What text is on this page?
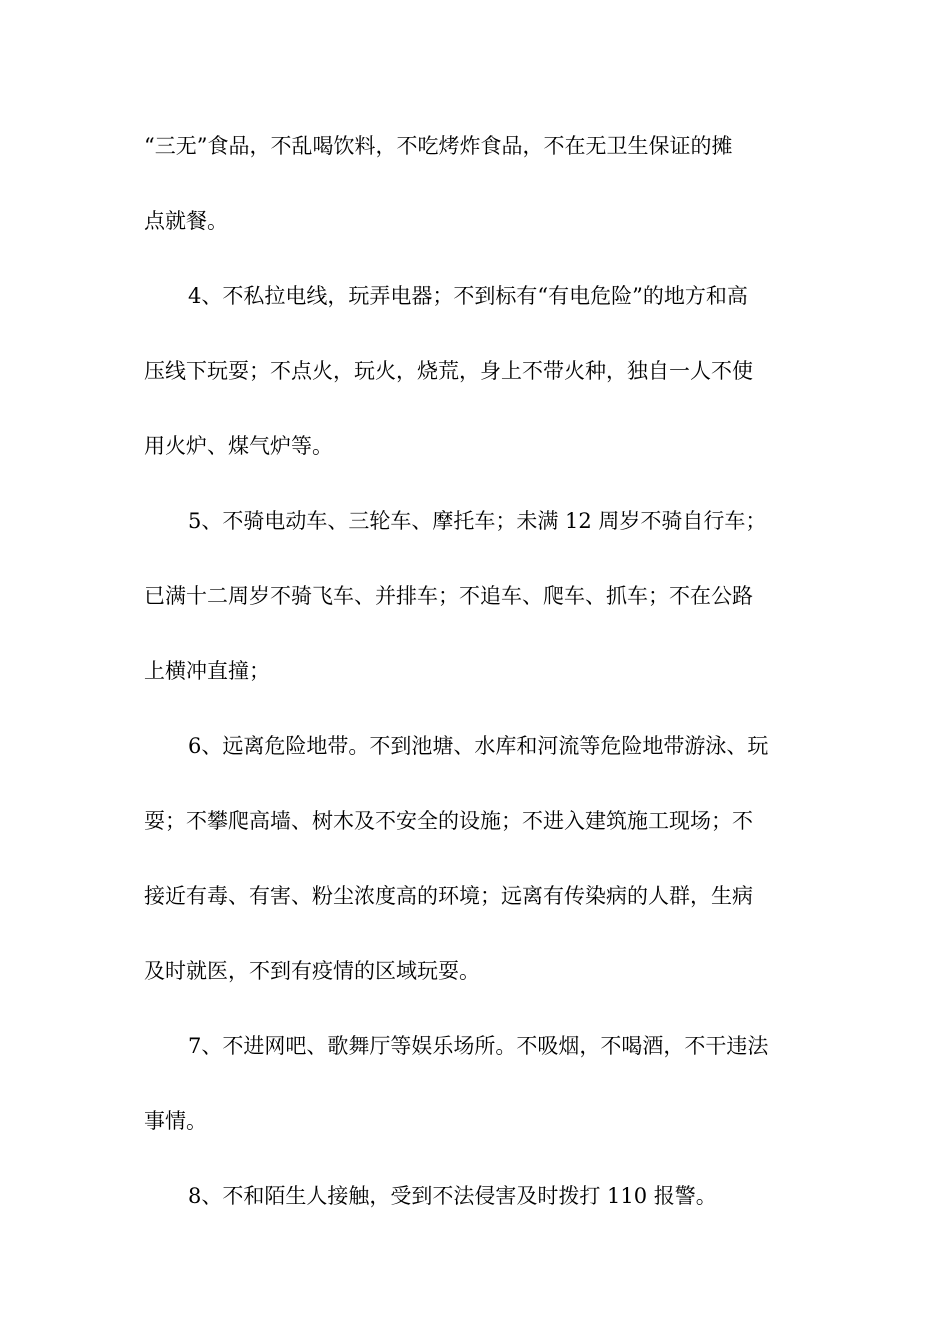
“三无”食品，不乱喝饮料，不吃烤炸食品，不在无卫生保证的摊
点就餐。
4、不私拉电线，玩弄电器；不到标有“有电危险”的地方和高
压线下玩耍；不点火，玩火，烧荒，身上不带火种，独自一人不使
用火炉、煤气炉等。
5、不骑电动车、三轮车、摩托车；未满 12 周岁不骑自行车；
已满十二周岁不骑飞车、并排车；不追车、爬车、抓车；不在公路
上横冲直撞；
6、远离危险地带。不到池塘、水库和河流等危险地带游泳、玩
耍；不攀爬高墙、树木及不安全的设施；不进入建筑施工现场；不
接近有毒、有害、粉尘浓度高的环境；远离有传染病的人群，生病
及时就医，不到有疫情的区域玩耍。
7、不进网吧、歌舞厅等娱乐场所。不吸烟，不喝酒，不干违法
事情。
8、不和陌生人接触，受到不法侵害及时拨打 110 报警。
